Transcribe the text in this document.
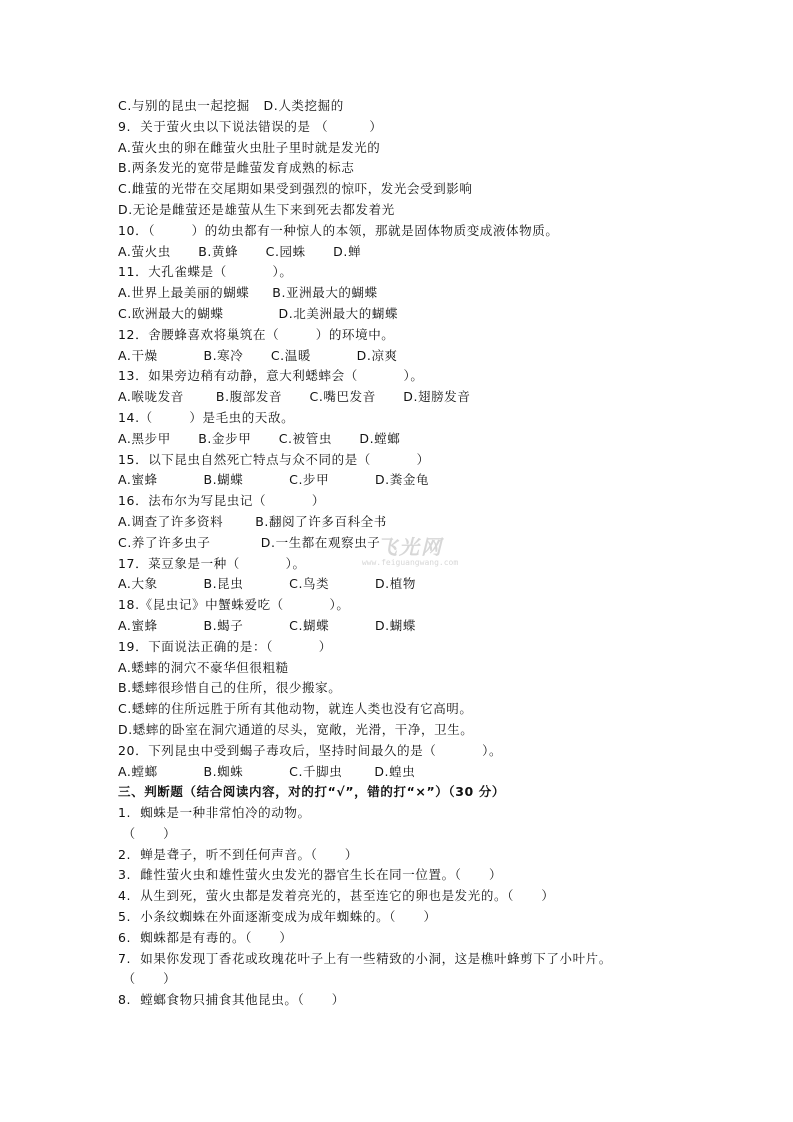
C.与别的昆虫一起挖掘   D.人类挖掘的
9.  关于萤火虫以下说法错误的是 （         ）
A.萤火虫的卵在雌萤火虫肚子里时就是发光的
B.两条发光的宽带是雌萤发育成熟的标志
C.雌萤的光带在交尾期如果受到强烈的惊吓，发光会受到影响
D.无论是雌萤还是雄萤从生下来到死去都发着光
10．（        ）的幼虫都有一种惊人的本领，那就是固体物质变成液体物质。
A.萤火虫      B.黄蜂      C.园蛛      D.蝉
11．大孔雀蝶是（          ）。
A.世界上最美丽的蝴蝶     B.亚洲最大的蝴蝶
C.欧洲最大的蝴蝶            D.北美洲最大的蝴蝶
12．舍腰蜂喜欢将巢筑在（        ）的环境中。
A.干燥          B.寒冷      C.温暖          D.凉爽
13．如果旁边稍有动静，意大利蟋蟀会（          ）。
A.喉咙发音       B.腹部发音      C.嘴巴发音      D.翅膀发音
14.（        ）是毛虫的天敌。
A.黑步甲      B.金步甲      C.被管虫      D.螳螂
15．以下昆虫自然死亡特点与众不同的是（          ）
A.蜜蜂          B.蝴蝶          C.步甲          D.粪金龟
16．法布尔为写昆虫记（          ）
A.调查了许多资料       B.翻阅了许多百科全书
C.养了许多虫子           D.一生都在观察虫子
17．菜豆象是一种（          ）。
A.大象          B.昆虫          C.鸟类          D.植物
18.《昆虫记》中蟹蛛爱吃（          ）。
A.蜜蜂          B.蝎子          C.蝴蝶          D.蝴蝶
19．下面说法正确的是：（          ）
A.蟋蟀的洞穴不豪华但很粗糙
B.蟋蟀很珍惜自己的住所，很少搬家。
C.蟋蟀的住所远胜于所有其他动物，就连人类也没有它高明。
D.蟋蟀的卧室在洞穴通道的尽头，宽敞，光滑，干净，卫生。
20．下列昆虫中受到蝎子毒攻后，坚持时间最久的是（          ）。
A.螳螂          B.蜘蛛          C.千脚虫       D.蝗虫
三、判断题（结合阅读内容，对的打“√”，错的打“×”）（30 分）
1.  蜘蛛是一种非常怕冷的动物。
（      ）
2.  蝉是聋子，听不到任何声音。（      ）
3.  雌性萤火虫和雄性萤火虫发光的器官生长在同一位置。（      ）
4.  从生到死，萤火虫都是发着亮光的，甚至连它的卵也是发光的。（      ）
5.  小条纹蜘蛛在外面逐渐变成为成年蜘蛛的。（      ）
6.  蜘蛛都是有毒的。（      ）
7.  如果你发现丁香花或玫瑰花叶子上有一些精致的小洞，这是樵叶蜂剪下了小叶片。
（      ）
8.  螳螂食物只捕食其他昆虫。（      ）
飞光网
www.feiguangwang.com
